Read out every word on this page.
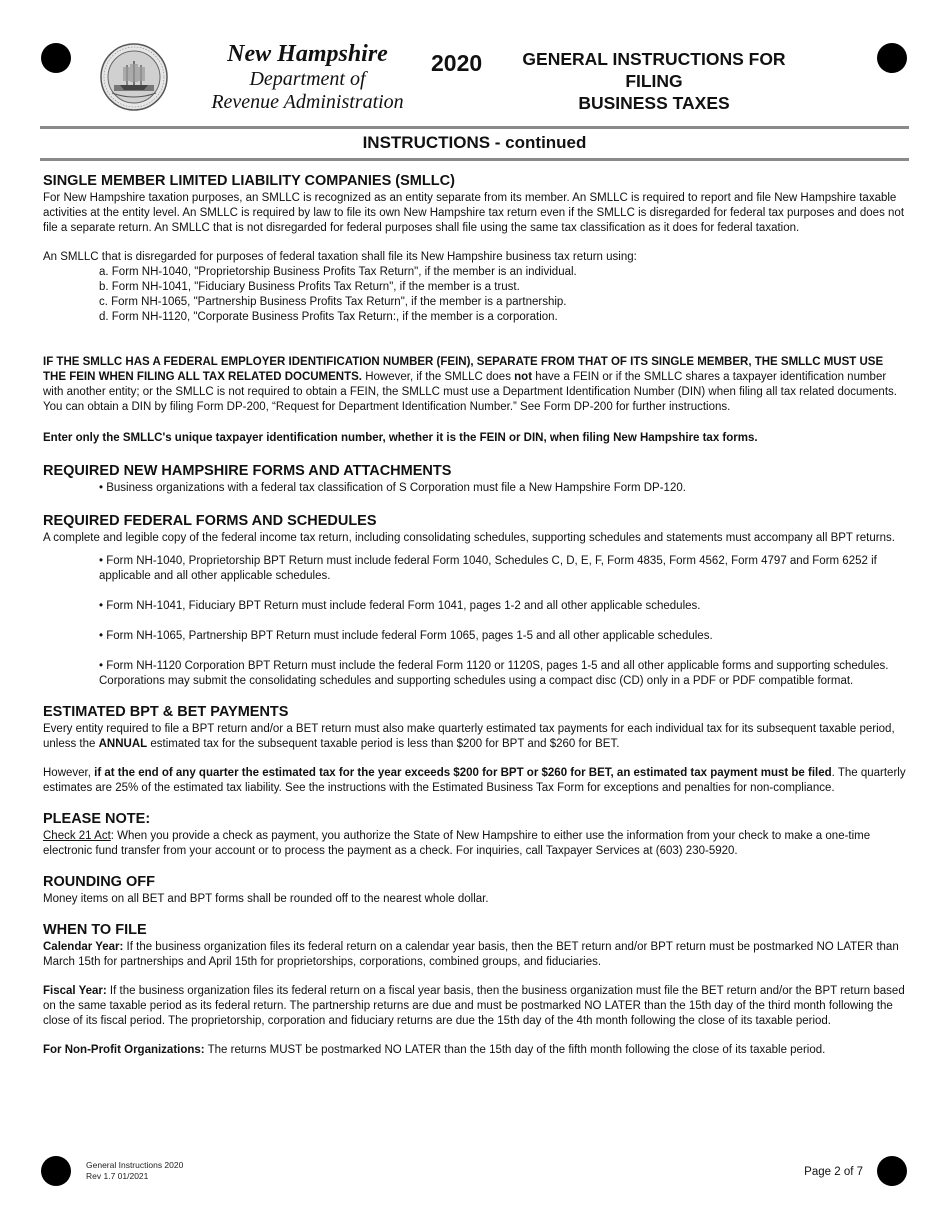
New Hampshire
Department of
Revenue Administration
2020	GENERAL INSTRUCTIONS FOR FILING
BUSINESS TAXES
INSTRUCTIONS - continued
SINGLE MEMBER LIMITED LIABILITY COMPANIES (SMLLC)

For New Hampshire taxation purposes, an SMLLC is recognized as an entity separate from its member. An SMLLC is required to report and file New Hampshire taxable activities at the entity level. An SMLLC is required by law to file its own New Hampshire tax return even if the SMLLC is disregarded for federal tax purposes and does not file a separate return. An SMLLC that is not disregarded for federal purposes shall file using the same tax classification as it does for federal taxation.

An SMLLC that is disregarded for purposes of federal taxation shall file its New Hampshire business tax return using:

a. Form NH-1040, "Proprietorship Business Profits Tax Return", if the member is an individual.
b. Form NH-1041, "Fiduciary Business Profits Tax Return", if the member is a trust.
c. Form NH-1065, "Partnership Business Profits Tax Return", if the member is a partnership.
d. Form NH-1120, "Corporate Business Profits Tax Return:, if the member is a corporation.

IF THE SMLLC HAS A FEDERAL EMPLOYER IDENTIFICATION NUMBER (FEIN), SEPARATE FROM THAT OF ITS SINGLE MEMBER, THE SMLLC MUST USE THE FEIN WHEN FILING ALL TAX RELATED DOCUMENTS. However, if the SMLLC does not have a FEIN or if the SMLLC shares a taxpayer identification number with another entity; or the SMLLC is not required to obtain a FEIN, the SMLLC must use a Department Identification Number (DIN) when filing all tax related documents. You can obtain a DIN by filing Form DP-200, “Request for Department Identification Number.” See Form DP-200 for further instructions.

Enter only the SMLLC's unique taxpayer identification number, whether it is the FEIN or DIN, when filing New Hampshire tax forms.

REQUIRED NEW HAMPSHIRE FORMS AND ATTACHMENTS
• Business organizations with a federal tax classification of S Corporation must file a New Hampshire Form DP-120.
REQUIRED FEDERAL FORMS AND SCHEDULES

A complete and legible copy of the federal income tax return, including consolidating schedules, supporting schedules and statements must accompany all BPT returns.

• Form NH-1040, Proprietorship BPT Return must include federal Form 1040, Schedules C, D, E, F, Form 4835, Form 4562, Form 4797 and Form 6252 if applicable and all other applicable schedules.
• Form NH-1041, Fiduciary BPT Return must include federal Form 1041, pages 1-2 and all other applicable schedules.
• Form NH-1065, Partnership BPT Return must include federal Form 1065, pages 1-5 and all other applicable schedules.
• Form NH-1120 Corporation BPT Return must include the federal Form 1120 or 1120S, pages 1-5 and all other applicable forms and supporting schedules. Corporations may submit the consolidating schedules and supporting schedules using a compact disc (CD) only in a PDF or PDF compatible format.
ESTIMATED BPT & BET PAYMENTS

Every entity required to file a BPT return and/or a BET return must also make quarterly estimated tax payments for each individual tax for its subsequent taxable period, unless the ANNUAL estimated tax for the subsequent taxable period is less than $200 for BPT and $260 for BET.

However, if at the end of any quarter the estimated tax for the year exceeds $200 for BPT or $260 for BET, an estimated tax payment must be filed. The quarterly estimates are 25% of the estimated tax liability. See the instructions with the Estimated Business Tax Form for exceptions and penalties for non-compliance.

PLEASE NOTE:

Check 21 Act: When you provide a check as payment, you authorize the State of New Hampshire to either use the information from your check to make a one-time electronic fund transfer from your account or to process the payment as a check. For inquiries, call Taxpayer Services at (603) 230-5920.

ROUNDING OFF

Money items on all BET and BPT forms shall be rounded off to the nearest whole dollar.

WHEN TO FILE

Calendar Year: If the business organization files its federal return on a calendar year basis, then the BET return and/or BPT return must be postmarked NO LATER than March 15th for partnerships and April 15th for proprietorships, corporations, combined groups, and fiduciaries.

Fiscal Year: If the business organization files its federal return on a fiscal year basis, then the business organization must file the BET return and/or the BPT return based on the same taxable period as its federal return. The partnership returns are due and must be postmarked NO LATER than the 15th day of the third month following the close of its fiscal period. The proprietorship, corporation and fiduciary returns are due the 15th day of the 4th month following the close of its taxable period.

For Non-Profit Organizations: The returns MUST be postmarked NO LATER than the 15th day of the fifth month following the close of its taxable period.

General Instructions 2020
Rev 1.7 01/2021	Page 2 of 7
